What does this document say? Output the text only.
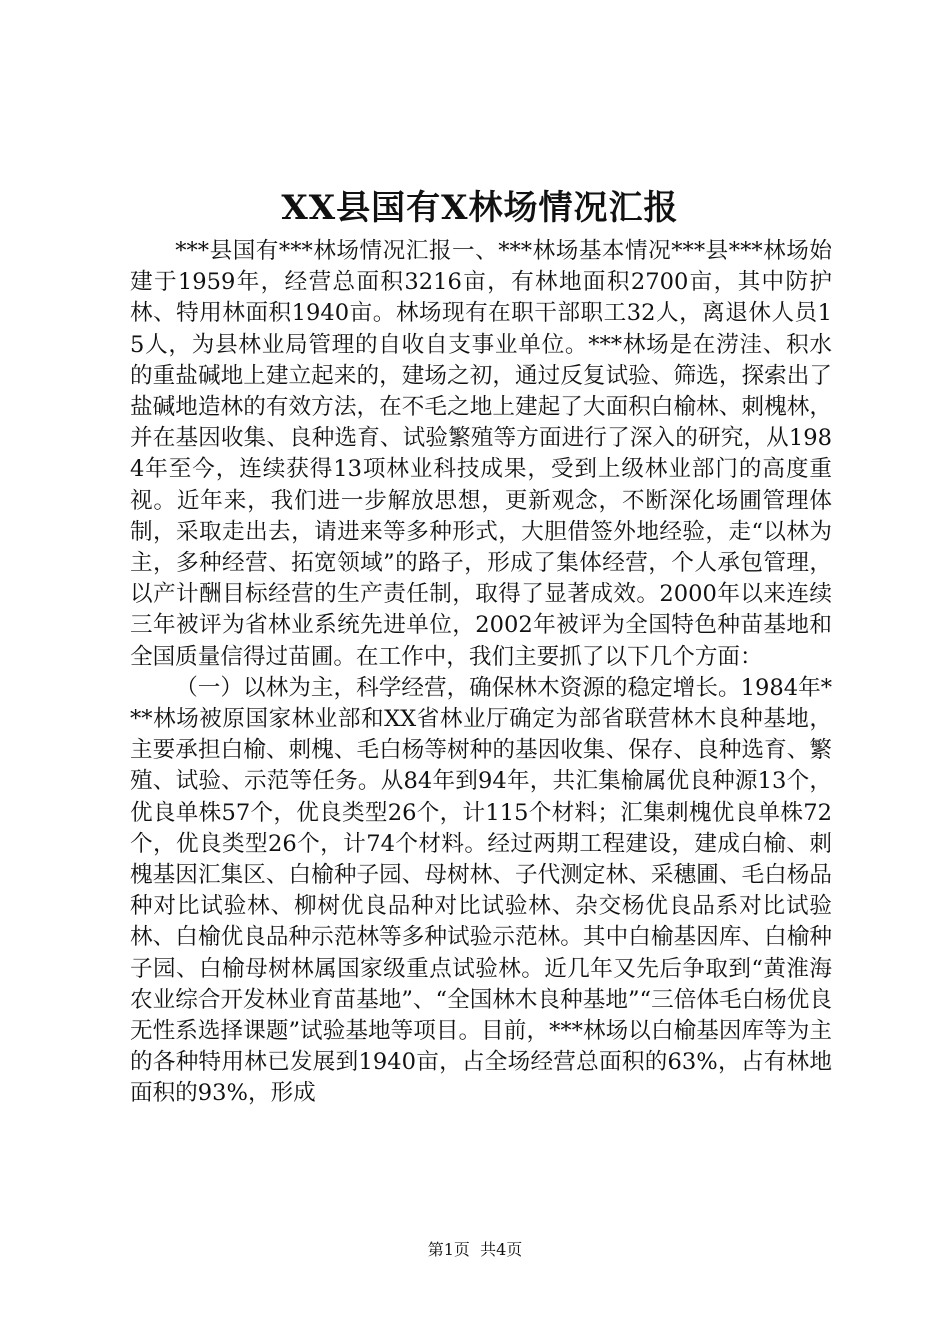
XX县国有X林场情况汇报

***县国有***林场情况汇报一、***林场基本情况***县***林场始建于1959年，经营总面积3216亩，有林地面积2700亩，其中防护林、特用林面积1940亩。林场现有在职干部职工32人，离退休人员15人，为县林业局管理的自收自支事业单位。***林场是在涝洼、积水的重盐碱地上建立起来的，建场之初，通过反复试验、筛选，探索出了盐碱地造林的有效方法，在不毛之地上建起了大面积白榆林、刺槐林，并在基因收集、良种选育、试验繁殖等方面进行了深入的研究，从1984年至今，连续获得13项林业科技成果，受到上级林业部门的高度重视。近年来，我们进一步解放思想，更新观念，不断深化场圃管理体制，采取走出去，请进来等多种形式，大胆借签外地经验，走“以林为主，多种经营、拓宽领域”的路子，形成了集体经营，个人承包管理，以产计酬目标经营的生产责任制，取得了显著成效。2000年以来连续三年被评为省林业系统先进单位，2002年被评为全国特色种苗基地和全国质量信得过苗圃。在工作中，我们主要抓了以下几个方面：

（一）以林为主，科学经营，确保林木资源的稳定增长。1984年***林场被原国家林业部和XX省林业厅确定为部省联营林木良种基地，主要承担白榆、刺槐、毛白杨等树种的基因收集、保存、良种选育、繁殖、试验、示范等任务。从84年到94年，共汇集榆属优良种源13个，优良单株57个，优良类型26个，计115个材料；汇集刺槐优良单株72个，优良类型26个，计74个材料。经过两期工程建设，建成白榆、刺槐基因汇集区、白榆种子园、母树林、子代测定林、采穗圃、毛白杨品种对比试验林、柳树优良品种对比试验林、杂交杨优良品系对比试验林、白榆优良品种示范林等多种试验示范林。其中白榆基因库、白榆种子园、白榆母树林属国家级重点试验林。近几年又先后争取到“黄淮海农业综合开发林业育苗基地”、“全国林木良种基地”“三倍体毛白杨优良无性系选择课题”试验基地等项目。目前，***林场以白榆基因库等为主的各种特用林已发展到1940亩，占全场经营总面积的63%，占有林地面积的93%，形成

第1页 共4页
